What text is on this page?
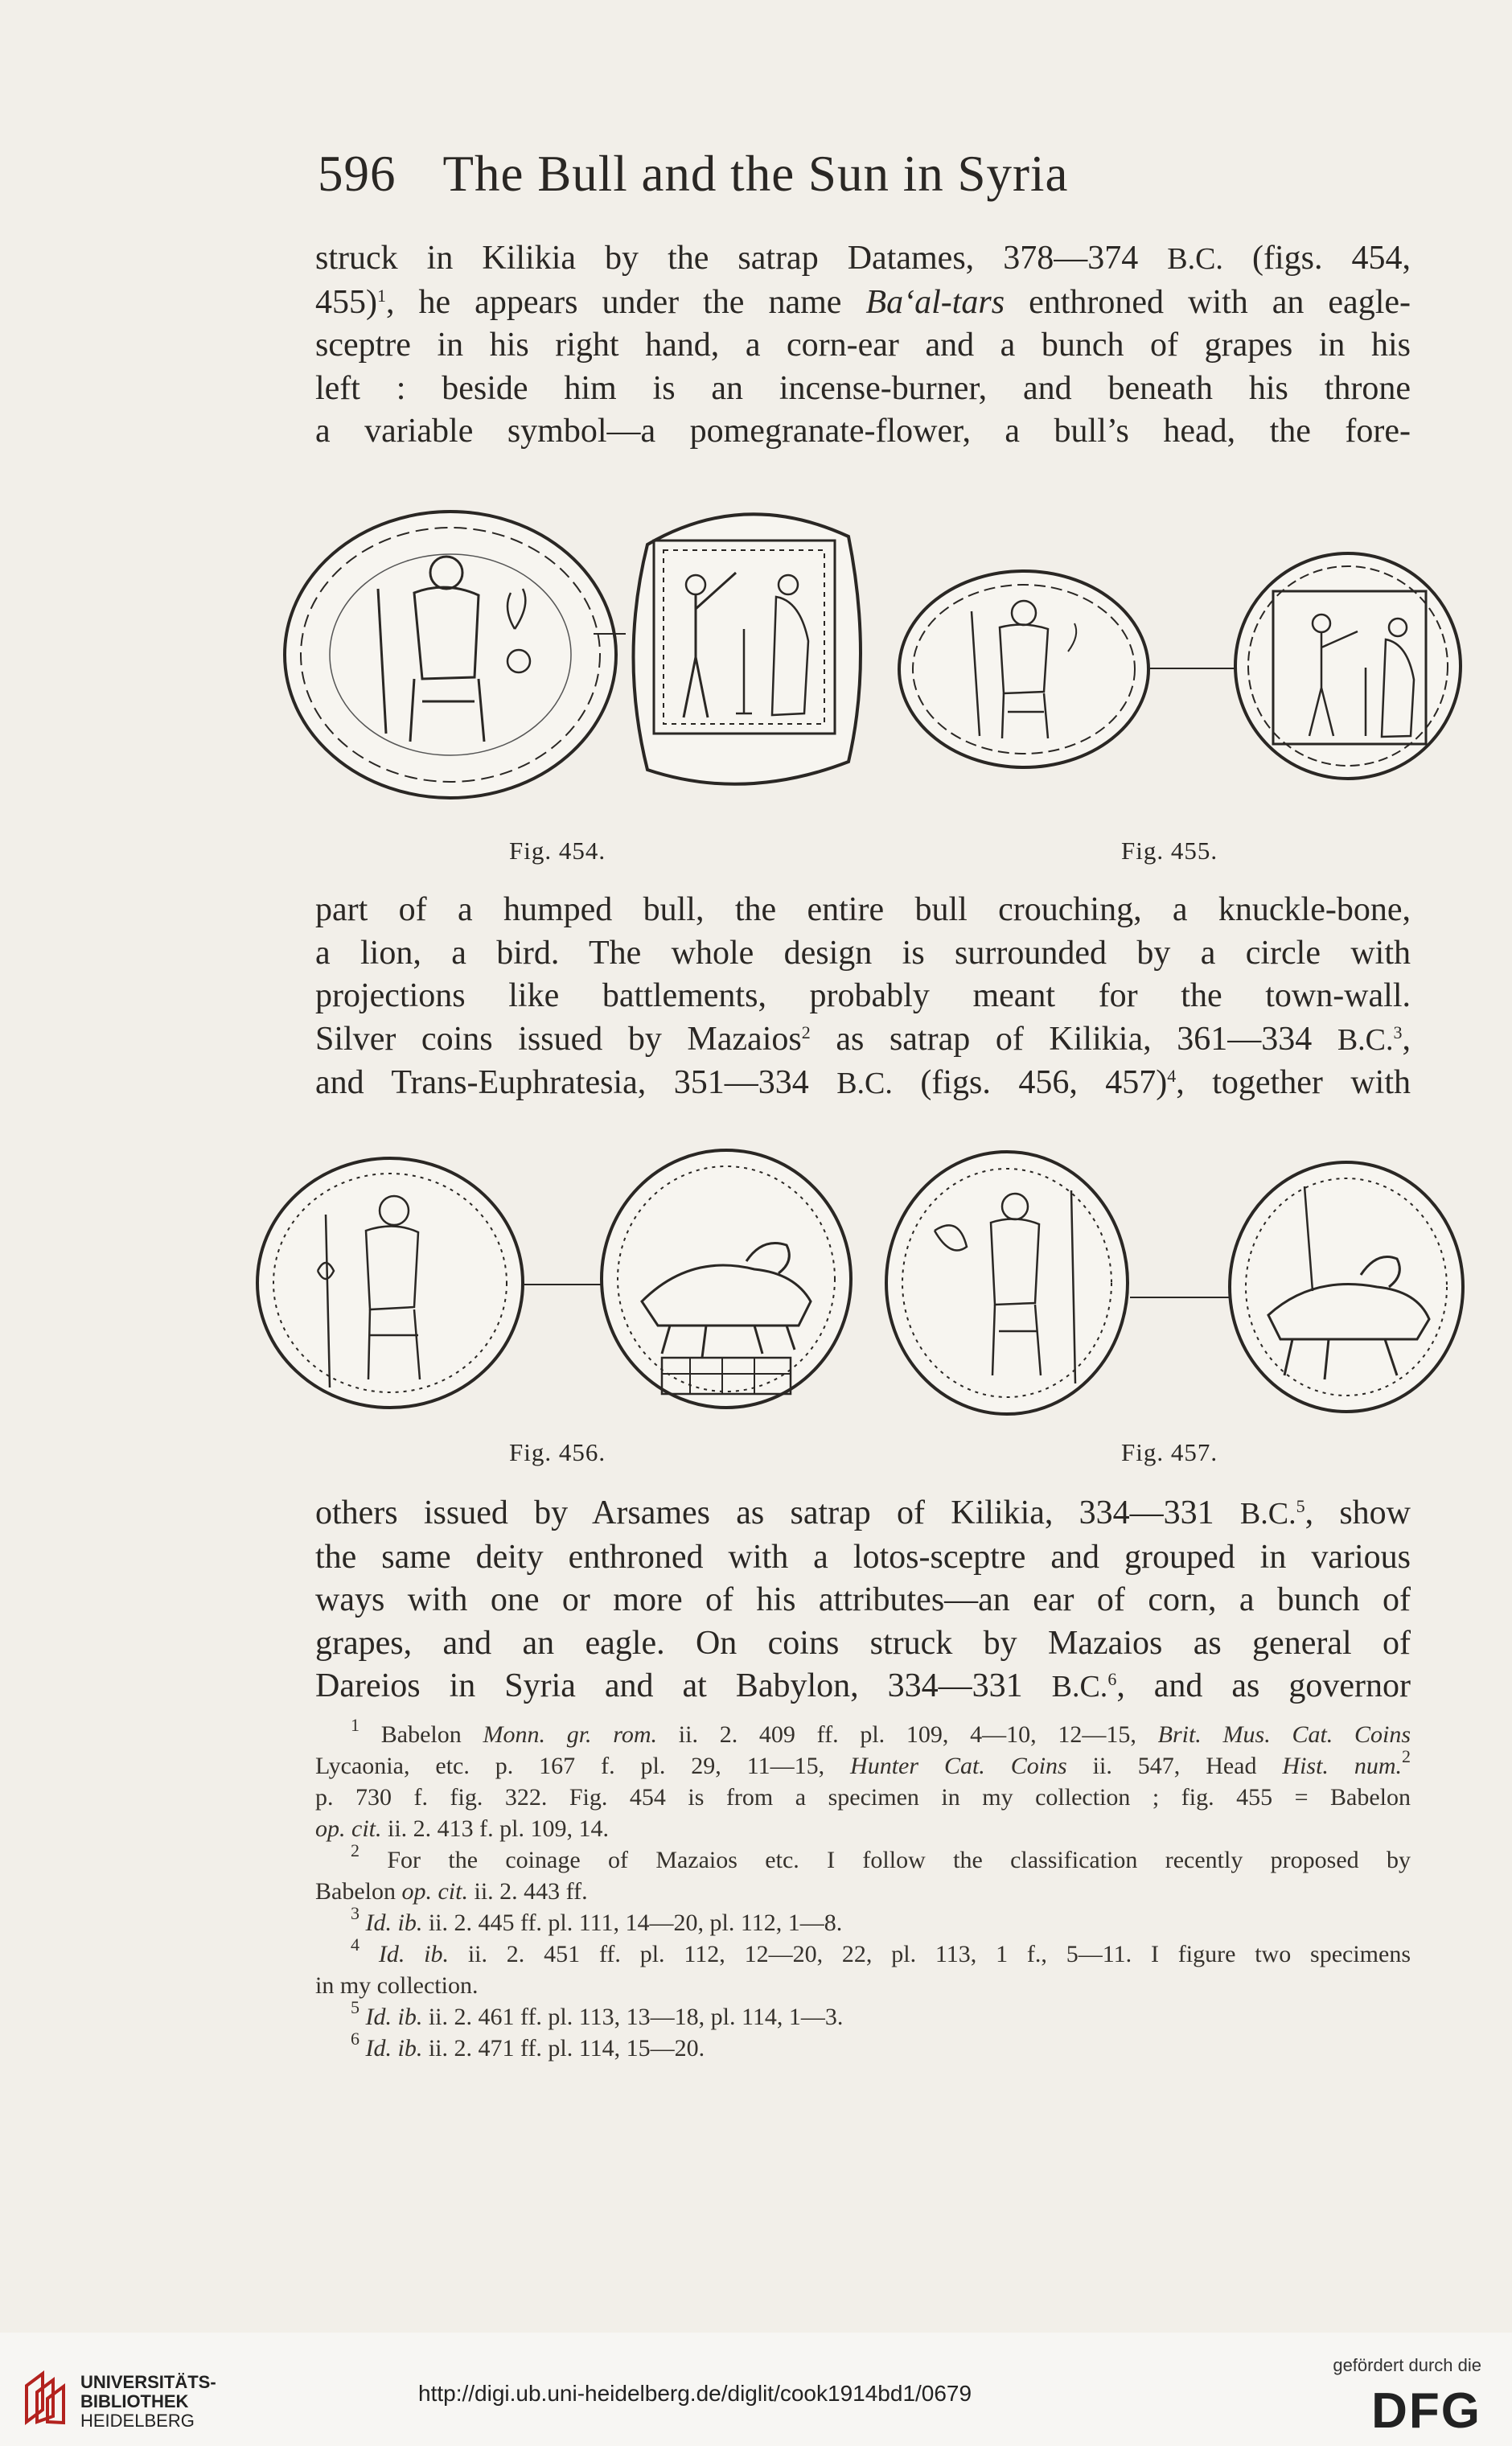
596 The Bull and the Sun in Syria
struck in Kilikia by the satrap Datames, 378—374 B.C. (figs. 454,
455)$^1$, he appears under the name Ba‘al-tars enthroned with an eagle-
sceptre in his right hand, a corn-ear and a bunch of grapes in his
left : beside him is an incense-burner, and beneath his throne
a variable symbol—a pomegranate-flower, a bull’s head, the fore-
Fig. 454.	Fig. 455.
part of a humped bull, the entire bull crouching, a knuckle-bone,
a lion, a bird. The whole design is surrounded by a circle with
projections like battlements, probably meant for the town-wall.
Silver coins issued by Mazaios$^2$ as satrap of Kilikia, 361—334 B.C.$^3$,
and Trans-Euphratesia, 351—334 B.C. (figs. 456, 457)$^4$, together with
Fig. 456.	Fig. 457.
others issued by Arsames as satrap of Kilikia, 334—331 B.C.$^5$, show
the same deity enthroned with a lotos-sceptre and grouped in various
ways with one or more of his attributes—an ear of corn, a bunch of
grapes, and an eagle. On coins struck by Mazaios as general of
Dareios in Syria and at Babylon, 334—331 B.C.$^6$, and as governor
$^1$ Babelon Monn. gr. rom. ii. 2. 409 ff. pl. 109, 4—10, 12—15, Brit. Mus. Cat. Coins
Lycaonia, etc. p. 167 f. pl. 29, 11—15, Hunter Cat. Coins ii. 547, Head Hist. num.$^2$
p. 730 f. fig. 322. Fig. 454 is from a specimen in my collection ; fig. 455 = Babelon
op. cit. ii. 2. 413 f. pl. 109, 14.
$^2$ For the coinage of Mazaios etc. I follow the classification recently proposed by
Babelon op. cit. ii. 2. 443 ff.
$^3$ Id. ib. ii. 2. 445 ff. pl. 111, 14—20, pl. 112, 1—8.
$^4$ Id. ib. ii. 2. 451 ff. pl. 112, 12—20, 22, pl. 113, 1 f., 5—11. I figure two specimens
in my collection.
$^5$ Id. ib. ii. 2. 461 ff. pl. 113, 13—18, pl. 114, 1—3.
$^6$ Id. ib. ii. 2. 471 ff. pl. 114, 15—20.
UNIVERSITÄTS-
BIBLIOTHEK
HEIDELBERG
http://digi.ub.uni-heidelberg.de/diglit/cook1914bd1/0679
gefördert durch die
DFG
